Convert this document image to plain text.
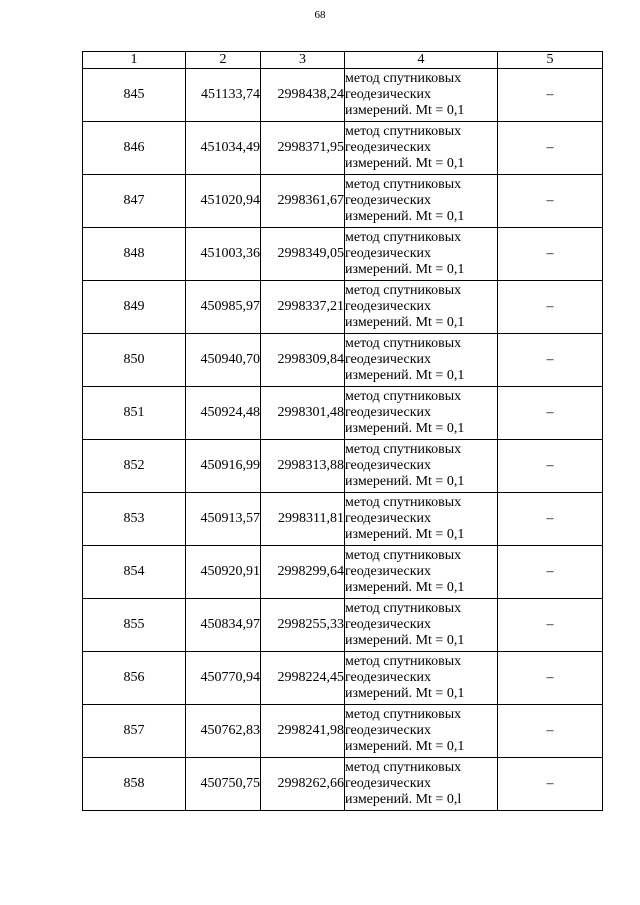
68
1	2	3	4	5
845	451133,74	2998438,24	метод спутниковых
геодезических
измерений. Mt = 0,1	–
846	451034,49	2998371,95	метод спутниковых
геодезических
измерений. Mt = 0,1	–
847	451020,94	2998361,67	метод спутниковых
геодезических
измерений. Mt = 0,1	–
848	451003,36	2998349,05	метод спутниковых
геодезических
измерений. Mt = 0,1	–
849	450985,97	2998337,21	метод спутниковых
геодезических
измерений. Mt = 0,1	–
850	450940,70	2998309,84	метод спутниковых
геодезических
измерений. Mt = 0,1	–
851	450924,48	2998301,48	метод спутниковых
геодезических
измерений. Mt = 0,1	–
852	450916,99	2998313,88	метод спутниковых
геодезических
измерений. Mt = 0,1	–
853	450913,57	2998311,81	метод спутниковых
геодезических
измерений. Mt = 0,1	–
854	450920,91	2998299,64	метод спутниковых
геодезических
измерений. Mt = 0,1	–
855	450834,97	2998255,33	метод спутниковых
геодезических
измерений. Mt = 0,1	–
856	450770,94	2998224,45	метод спутниковых
геодезических
измерений. Mt = 0,1	–
857	450762,83	2998241,98	метод спутниковых
геодезических
измерений. Mt = 0,1	–
858	450750,75	2998262,66	метод спутниковых
геодезических
измерений. Mt = 0,l	–
